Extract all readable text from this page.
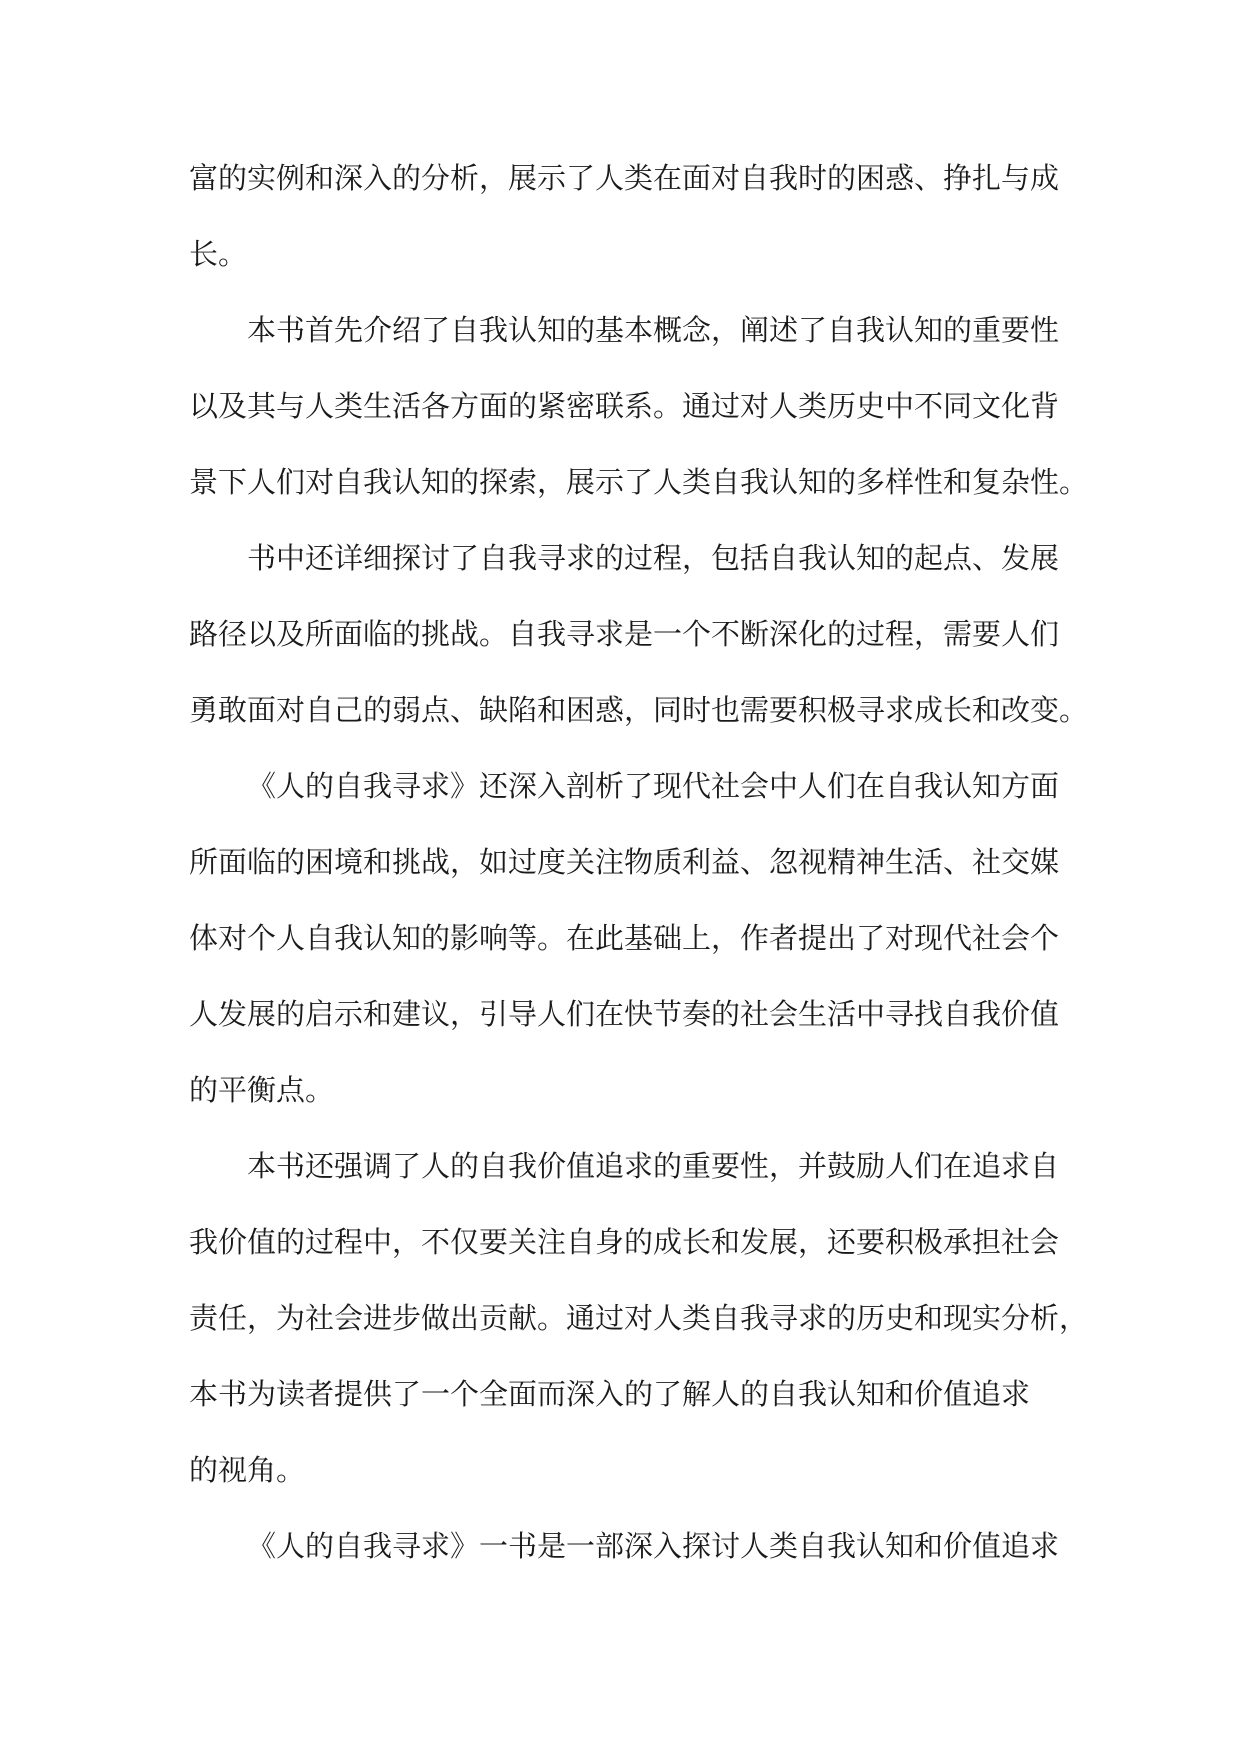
富的实例和深入的分析，展示了人类在面对自我时的困惑、挣扎与成
长。
本书首先介绍了自我认知的基本概念，阐述了自我认知的重要性
以及其与人类生活各方面的紧密联系。通过对人类历史中不同文化背
景下人们对自我认知的探索，展示了人类自我认知的多样性和复杂性。
书中还详细探讨了自我寻求的过程，包括自我认知的起点、发展
路径以及所面临的挑战。自我寻求是一个不断深化的过程，需要人们
勇敢面对自己的弱点、缺陷和困惑，同时也需要积极寻求成长和改变。
《人的自我寻求》还深入剖析了现代社会中人们在自我认知方面
所面临的困境和挑战，如过度关注物质利益、忽视精神生活、社交媒
体对个人自我认知的影响等。在此基础上，作者提出了对现代社会个
人发展的启示和建议，引导人们在快节奏的社会生活中寻找自我价值
的平衡点。
本书还强调了人的自我价值追求的重要性，并鼓励人们在追求自
我价值的过程中，不仅要关注自身的成长和发展，还要积极承担社会
责任，为社会进步做出贡献。通过对人类自我寻求的历史和现实分析，
本书为读者提供了一个全面而深入的了解人的自我认知和价值追求
的视角。
《人的自我寻求》一书是一部深入探讨人类自我认知和价值追求
